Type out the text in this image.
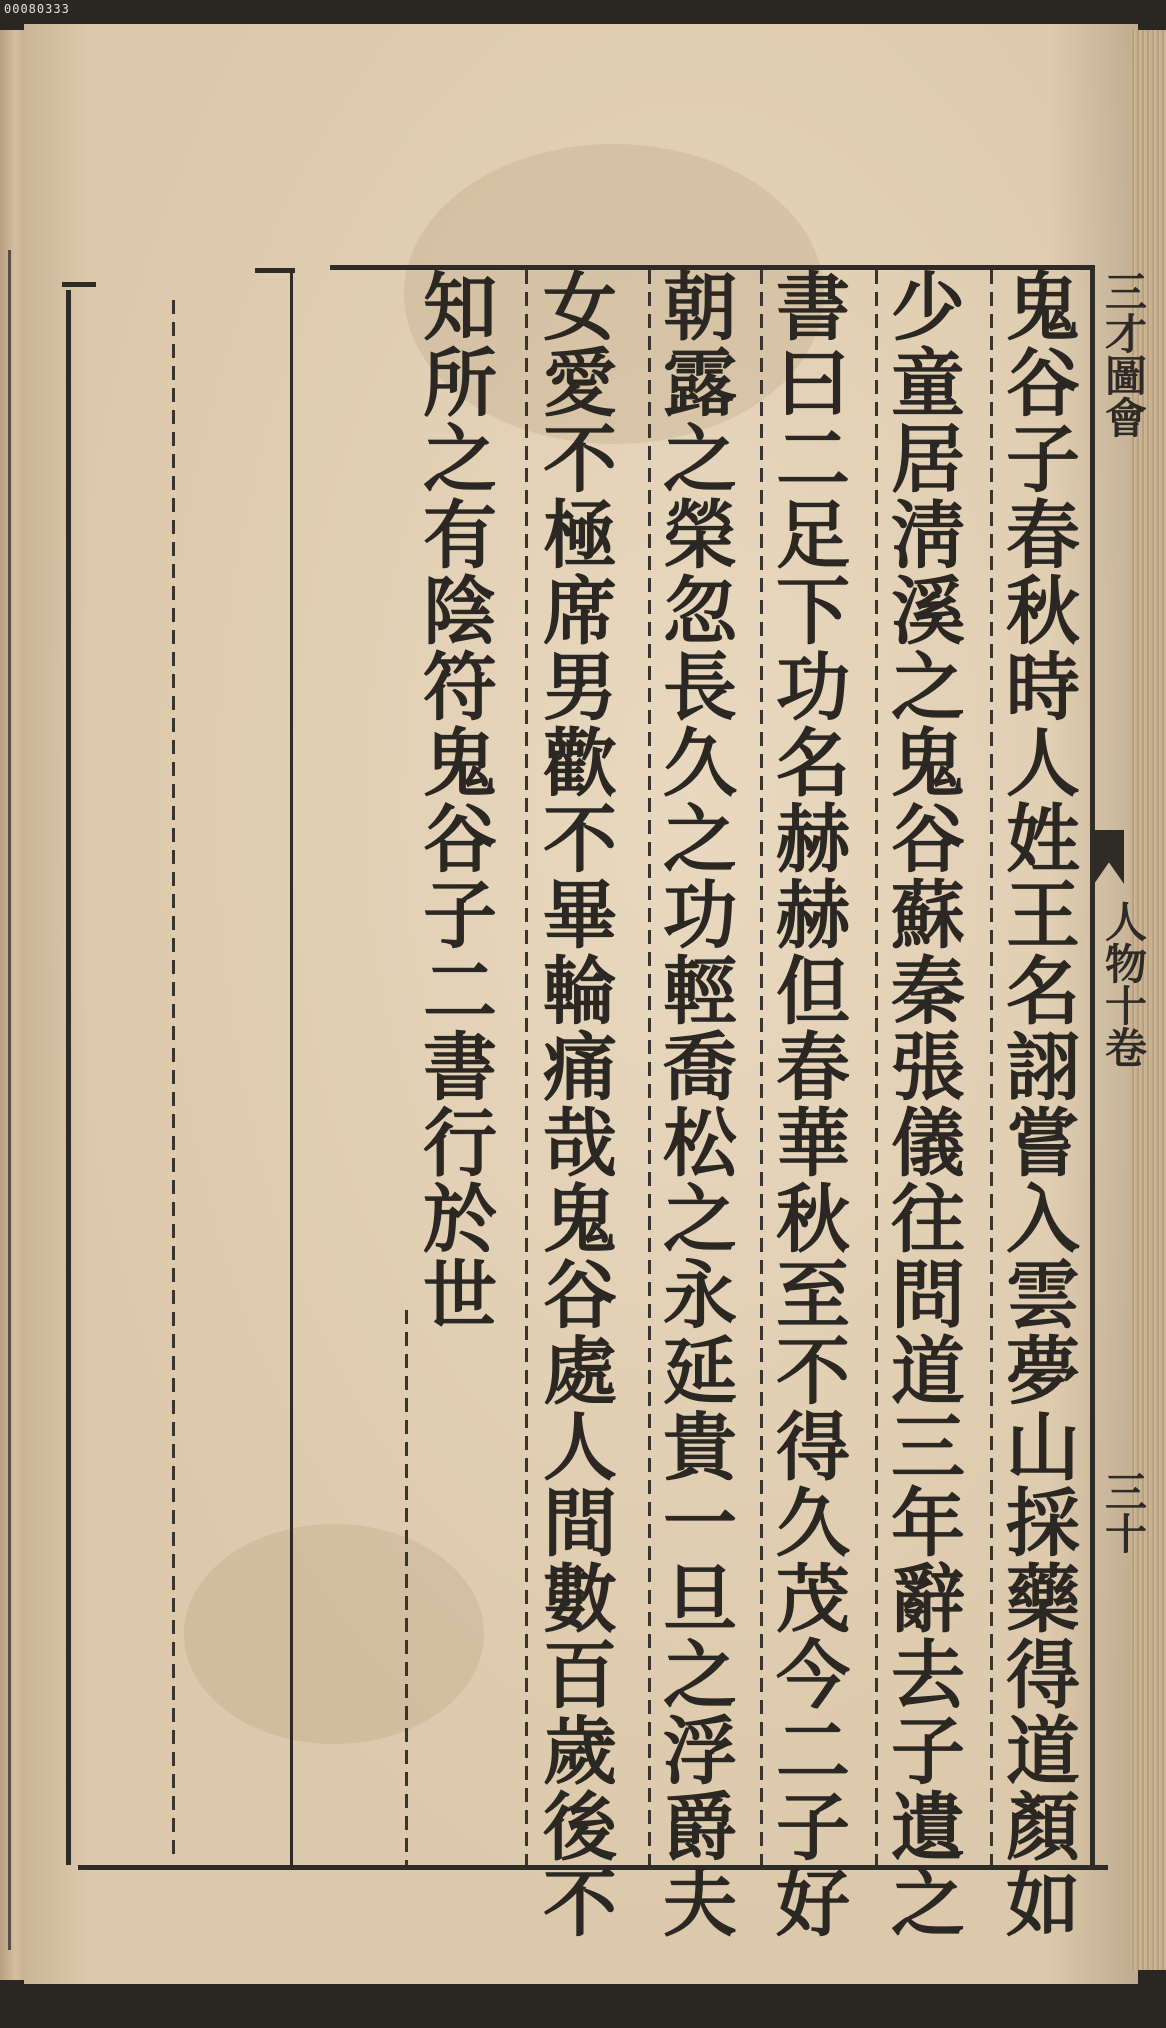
00080333
鬼谷子春秋時人姓王名詡嘗入雲夢山採藥得道顏如
少童居淸溪之鬼谷蘇秦張儀往問道三年辭去子遺之
書曰二足下功名赫赫但春華秋至不得久茂今二子好
朝露之榮忽長久之功輕喬松之永延貴一旦之浮爵夫
女愛不極席男歡不畢輪痛哉鬼谷處人間數百歲後不
知所之有陰符鬼谷子二書行於世	三才圖會
人物十卷
三十
